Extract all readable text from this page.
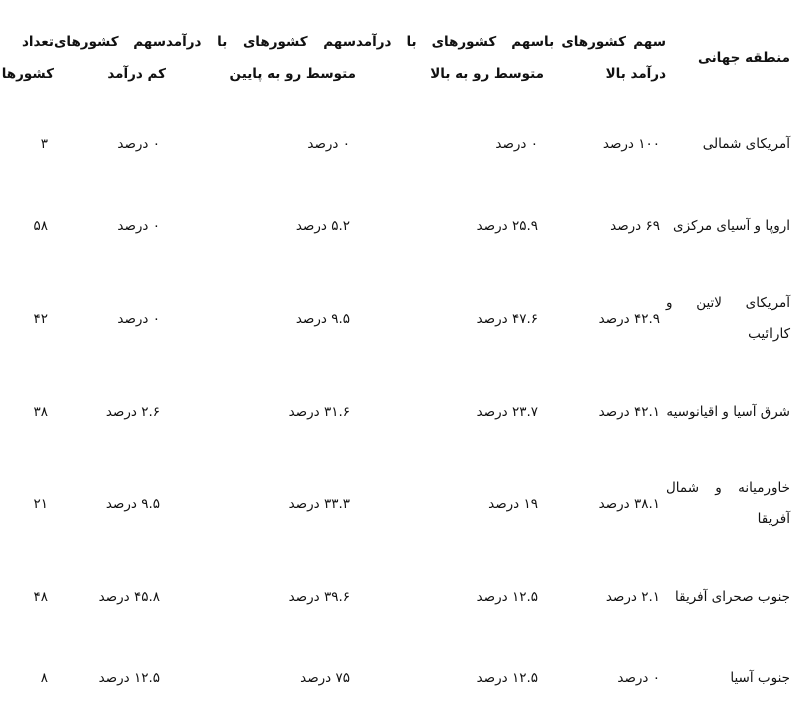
منطقه جهانی	سهم کشورهای با درآمد بالا	سهم کشورهای با درآمد متوسط رو به بالا	سهم کشورهای با درآمد متوسط رو به پایین	سهم کشورهای کم درآمد	تعداد کشورها
آمریکای شمالی	۱۰۰ درصد	۰ درصد	۰ درصد	۰ درصد	۳
اروپا و آسیای مرکزی	۶۹ درصد	۲۵.۹ درصد	۵.۲ درصد	۰ درصد	۵۸
آمریکای لاتین و کارائیب	۴۲.۹ درصد	۴۷.۶ درصد	۹.۵ درصد	۰ درصد	۴۲
شرق آسیا و اقیانوسیه	۴۲.۱ درصد	۲۳.۷ درصد	۳۱.۶ درصد	۲.۶ درصد	۳۸
خاورمیانه و شمال آفریقا	۳۸.۱ درصد	۱۹ درصد	۳۳.۳ درصد	۹.۵ درصد	۲۱
جنوب صحرای آفریقا	۲.۱ درصد	۱۲.۵ درصد	۳۹.۶ درصد	۴۵.۸ درصد	۴۸
جنوب آسیا	۰ درصد	۱۲.۵ درصد	۷۵ درصد	۱۲.۵ درصد	۸
